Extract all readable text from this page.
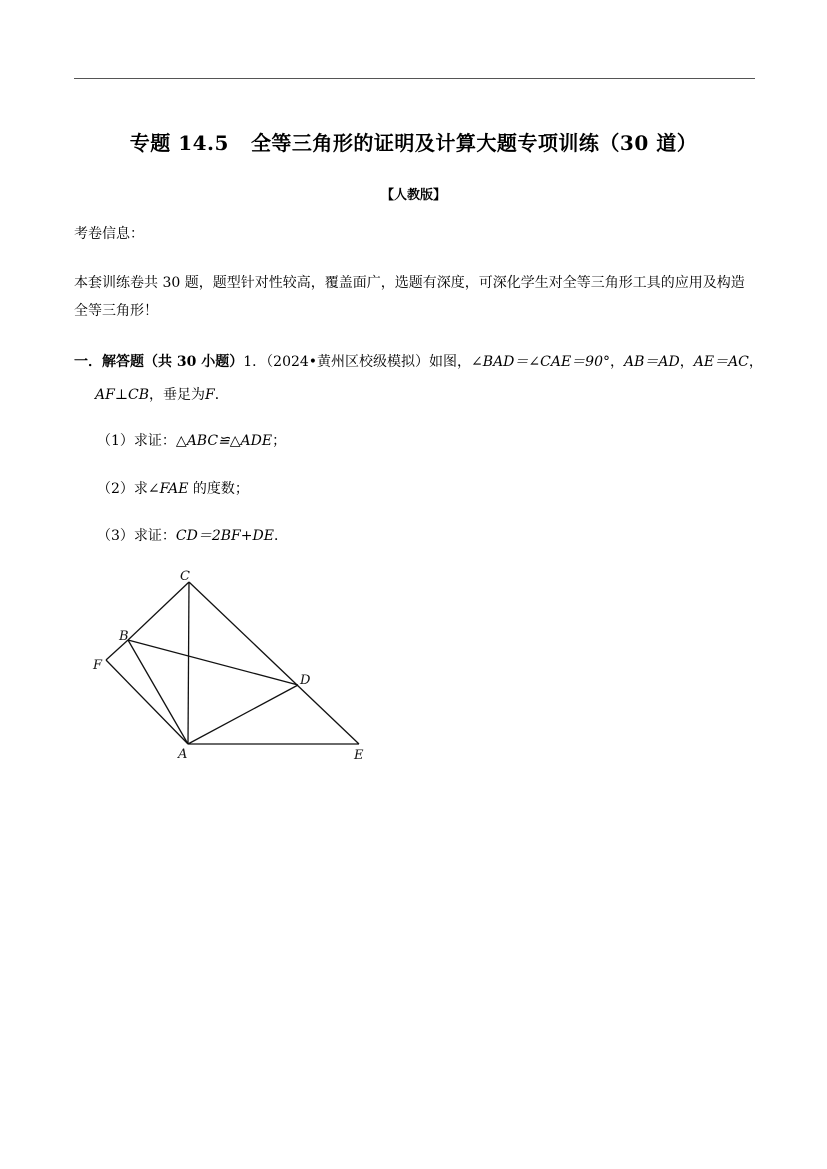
专题 14.5 全等三角形的证明及计算大题专项训练（30 道）
【人教版】
考卷信息：
本套训练卷共 30 题，题型针对性较高，覆盖面广，选题有深度，可深化学生对全等三角形工具的应用及构造全等三角形！
一．解答题（共 30 小题）1．（2024•黄州区校级模拟）如图，∠BAD＝∠CAE＝90°，AB＝AD，AE＝AC，
AF⊥CB，垂足为F．
（1）求证：△ABC≌△ADE；
（2）求∠FAE 的度数；
（3）求证：CD＝2BF+DE．
C
B
F
D
A	E
